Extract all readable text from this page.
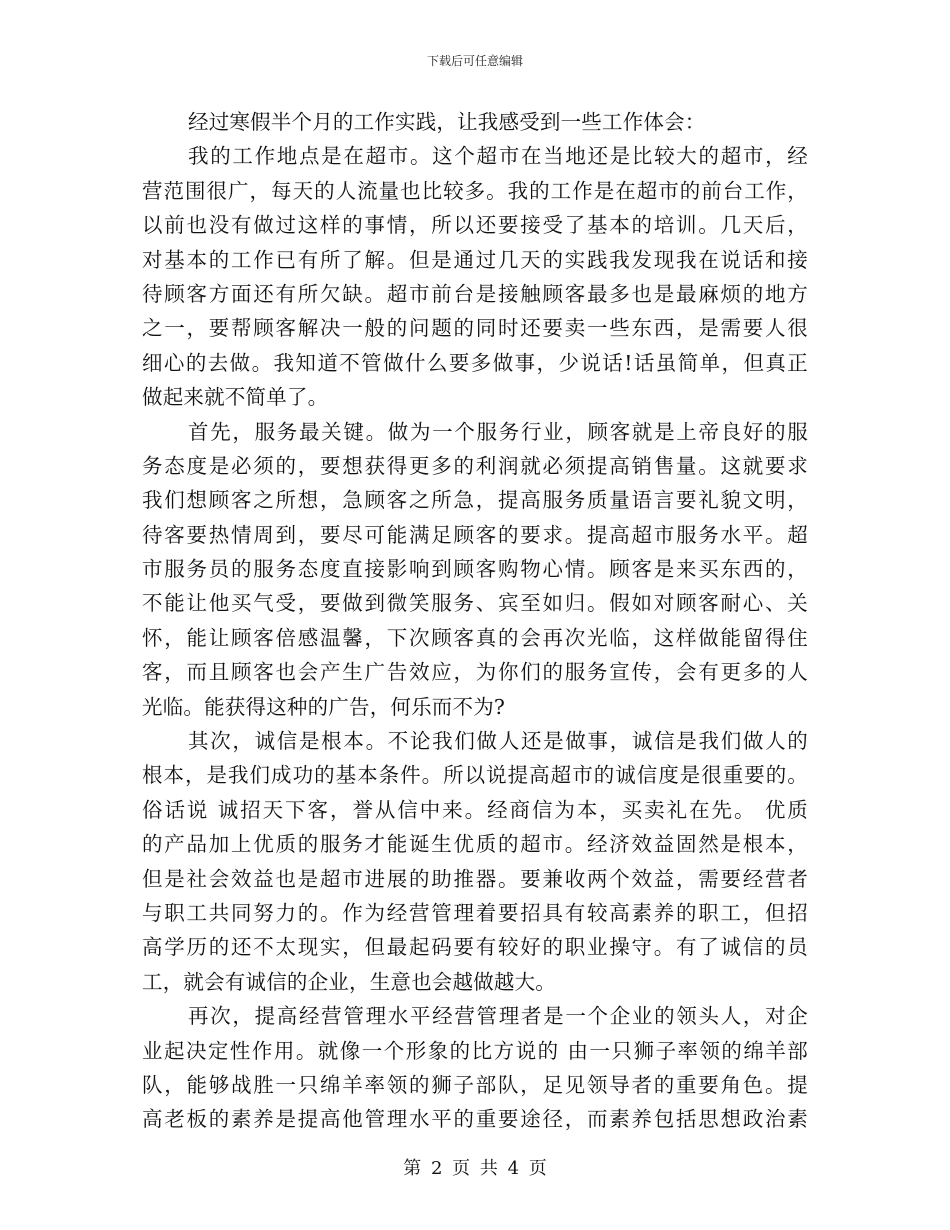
下载后可任意编辑
经过寒假半个月的工作实践，让我感受到一些工作体会：
我的工作地点是在超市。这个超市在当地还是比较大的超市，经
营范围很广，每天的人流量也比较多。我的工作是在超市的前台工作，
以前也没有做过这样的事情，所以还要接受了基本的培训。几天后，
对基本的工作已有所了解。但是通过几天的实践我发现我在说话和接
待顾客方面还有所欠缺。超市前台是接触顾客最多也是最麻烦的地方
之一，要帮顾客解决一般的问题的同时还要卖一些东西，是需要人很
细心的去做。我知道不管做什么要多做事，少说话!话虽简单，但真正
做起来就不简单了。
首先，服务最关键。做为一个服务行业，顾客就是上帝良好的服
务态度是必须的，要想获得更多的利润就必须提高销售量。这就要求
我们想顾客之所想，急顾客之所急，提高服务质量语言要礼貌文明，
待客要热情周到，要尽可能满足顾客的要求。提高超市服务水平。超
市服务员的服务态度直接影响到顾客购物心情。顾客是来买东西的，
不能让他买气受，要做到微笑服务、宾至如归。假如对顾客耐心、关
怀，能让顾客倍感温馨，下次顾客真的会再次光临，这样做能留得住
客，而且顾客也会产生广告效应，为你们的服务宣传，会有更多的人
光临。能获得这种的广告，何乐而不为?
其次，诚信是根本。不论我们做人还是做事，诚信是我们做人的
根本，是我们成功的基本条件。所以说提高超市的诚信度是很重要的。
俗话说 诚招天下客，誉从信中来。经商信为本，买卖礼在先。 优质
的产品加上优质的服务才能诞生优质的超市。经济效益固然是根本，
但是社会效益也是超市进展的助推器。要兼收两个效益，需要经营者
与职工共同努力的。作为经营管理着要招具有较高素养的职工，但招
高学历的还不太现实，但最起码要有较好的职业操守。有了诚信的员
工，就会有诚信的企业，生意也会越做越大。
再次，提高经营管理水平经营管理者是一个企业的领头人，对企
业起决定性作用。就像一个形象的比方说的 由一只狮子率领的绵羊部
队，能够战胜一只绵羊率领的狮子部队，足见领导者的重要角色。提
高老板的素养是提高他管理水平的重要途径，而素养包括思想政治素
第 2 页 共 4 页
